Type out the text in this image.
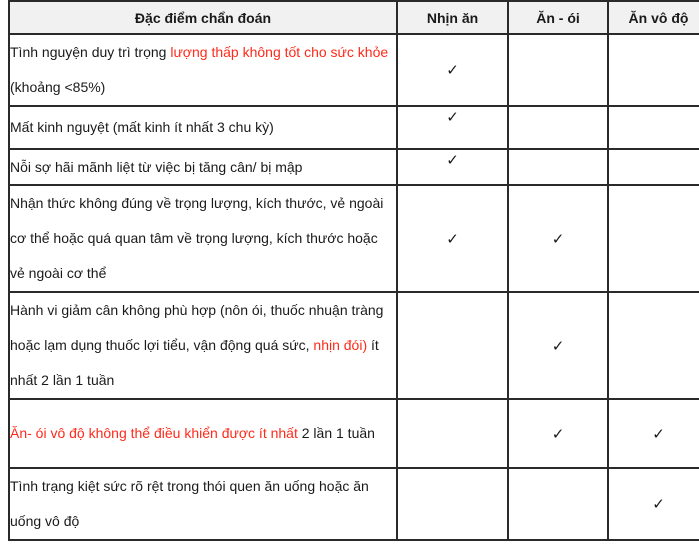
Đặc điểm chẩn đoán	Nhịn ăn	Ăn - ói	Ăn vô độ
Tình nguyện duy trì trọng lượng thấp không tốt cho sức khỏe (khoảng <85%)	✓		
Mất kinh nguyệt (mất kinh ít nhất 3 chu kỳ)	✓		
Nỗi sợ hãi mãnh liệt từ việc bị tăng cân/ bị mập	✓		
Nhận thức không đúng về trọng lượng, kích thước, vẻ ngoài cơ thể hoặc quá quan tâm về trọng lượng, kích thước hoặc vẻ ngoài cơ thể	✓	✓	
Hành vi giảm cân không phù hợp (nôn ói, thuốc nhuận tràng hoặc lạm dụng thuốc lợi tiểu, vận động quá sức, nhịn đói) ít nhất 2 lần 1 tuần		✓	
Ăn- ói vô độ không thể điều khiển được ít nhất 2 lần 1 tuần		✓	✓
Tình trạng kiệt sức rõ rệt trong thói quen ăn uống hoặc ăn uống vô độ			✓
